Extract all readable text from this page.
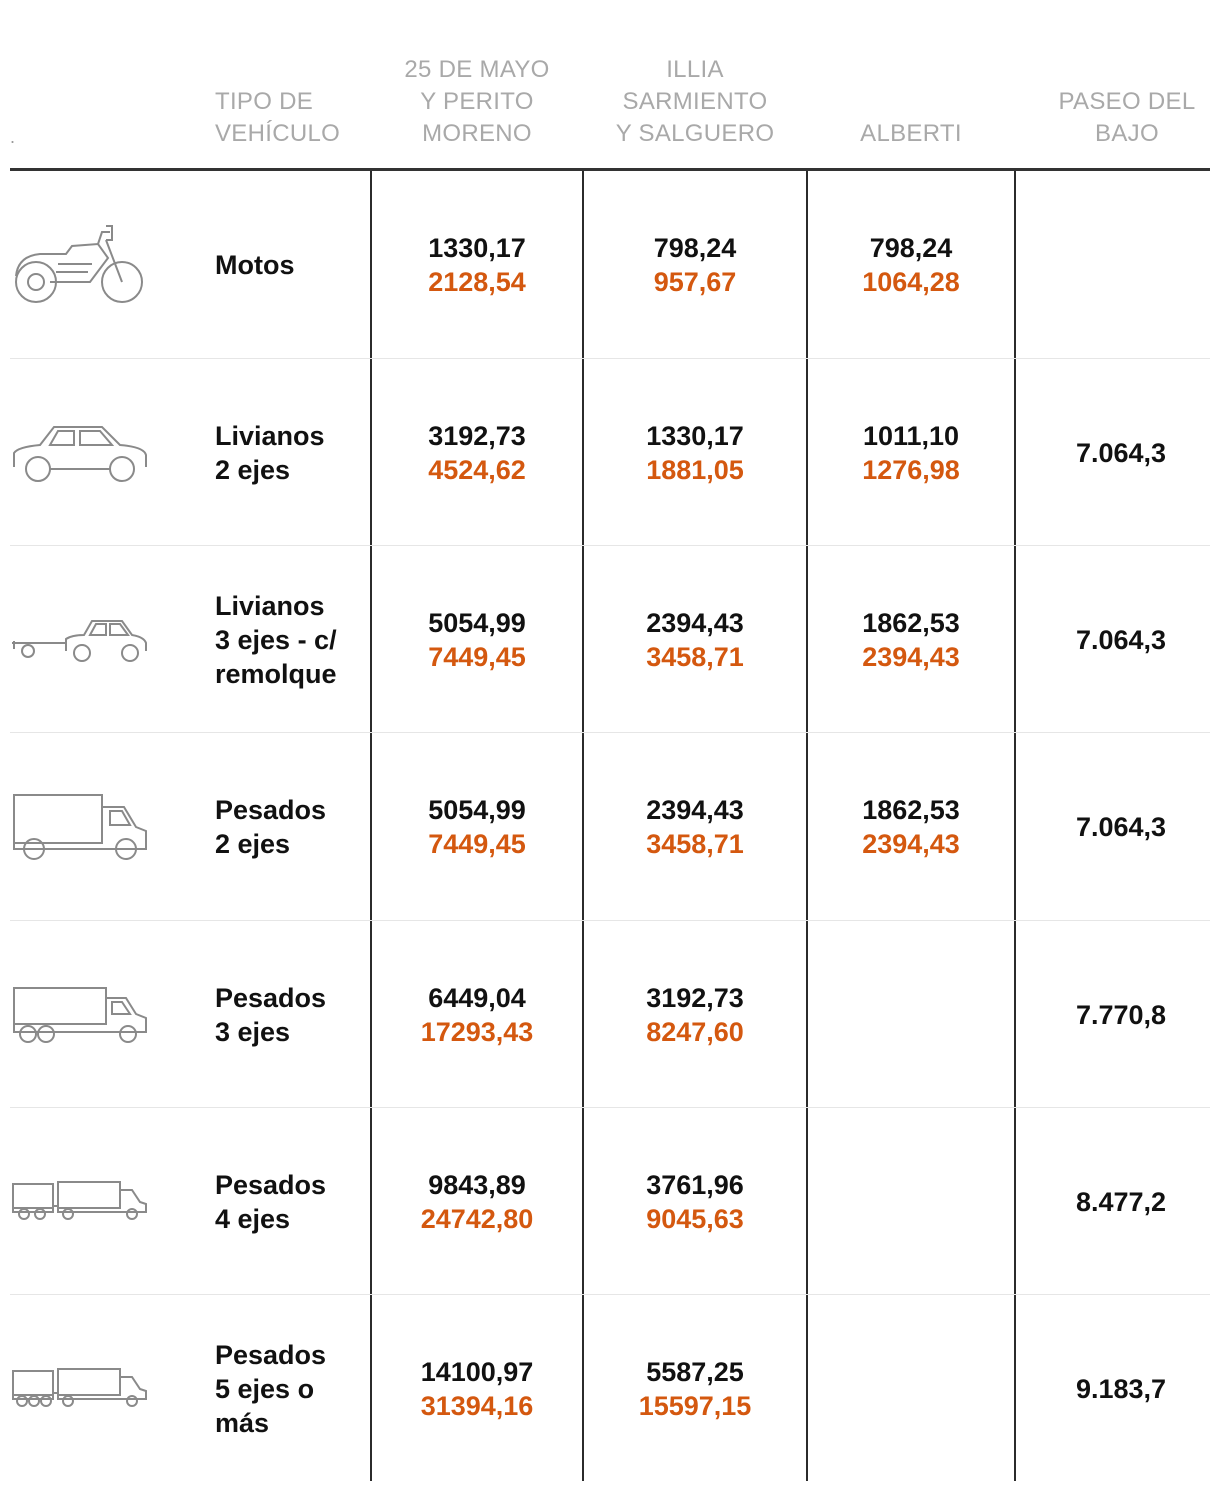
.
TIPO DE
VEHÍCULO
25 DE MAYO
Y PERITO
MORENO
ILLIA
SARMIENTO
Y SALGUERO	ALBERTI
PASEO DEL
BAJO
Motos
1330,17
2128,54
798,24
957,67
798,24
1064,28
Livianos
2 ejes
3192,73
4524,62
1330,17
1881,05
1011,10
1276,98
7.064,3
Livianos
3 ejes - c/
remolque
5054,99
7449,45
2394,43
3458,71
1862,53
2394,43
7.064,3
Pesados
2 ejes
5054,99
7449,45
2394,43
3458,71
1862,53
2394,43
7.064,3
Pesados
3 ejes
6449,04
17293,43
3192,73
8247,60
7.770,8
Pesados
4 ejes
9843,89
24742,80
3761,96
9045,63
8.477,2
Pesados
5 ejes o
más
14100,97
31394,16
5587,25
15597,15
9.183,7
